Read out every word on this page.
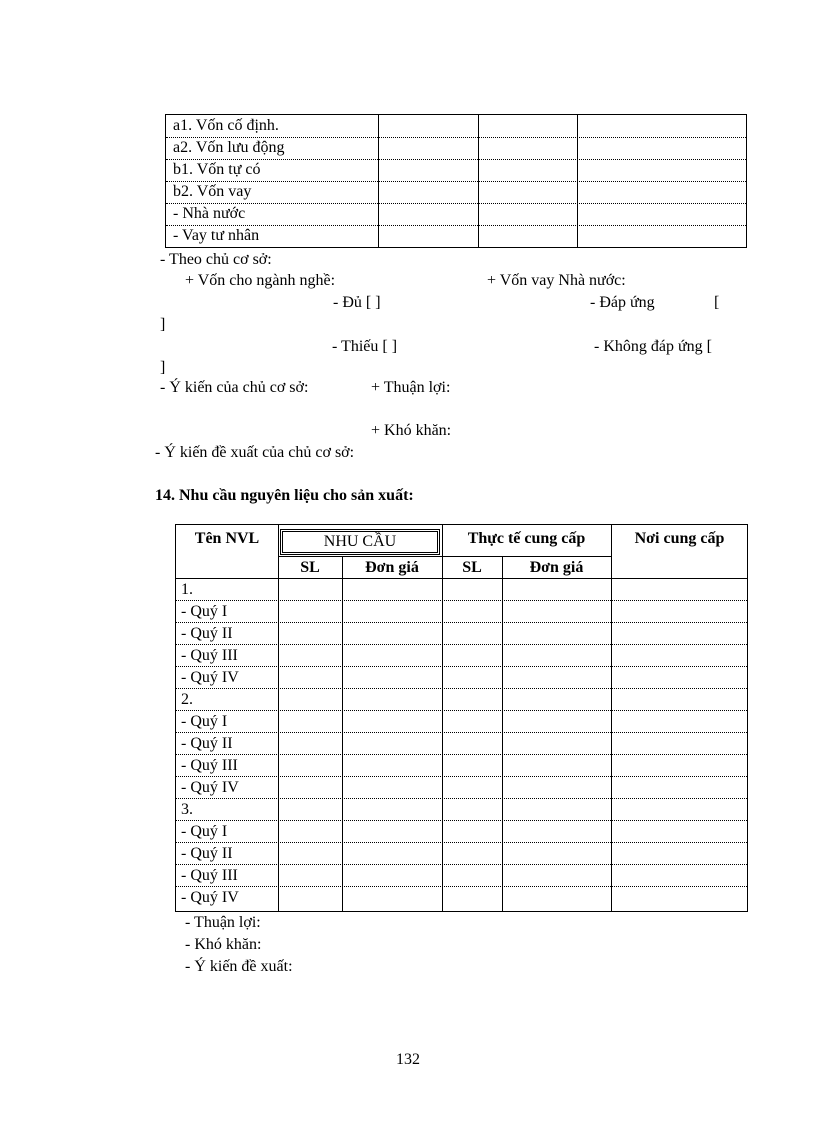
a1. Vốn cố định.
a2. Vốn lưu động
b1. Vốn tự có
b2. Vốn vay
- Nhà nước
- Vay tư nhân
- Theo chủ cơ sở:
+ Vốn cho ngành nghề:	+ Vốn vay Nhà nước:
- Đủ [ ]	- Đáp ứng	[
]
- Thiếu [ ]	- Không đáp ứng [
]
- Ý kiến của chủ cơ sở:	+ Thuận lợi:
+ Khó khăn:
- Ý kiến đề xuất của chủ cơ sở:
14. Nhu cầu nguyên liệu cho sản xuất:
Tên NVL	NHU CẦU	Thực tế cung cấp	Nơi cung cấp
SL	Đơn giá	SL	Đơn giá
1.
- Quý I
- Quý II
- Quý III
- Quý IV
2.
- Quý I
- Quý II
- Quý III
- Quý IV
3.
- Quý I
- Quý II
- Quý III
- Quý IV
- Thuận lợi:
- Khó khăn:
- Ý kiến đề xuất:
132
